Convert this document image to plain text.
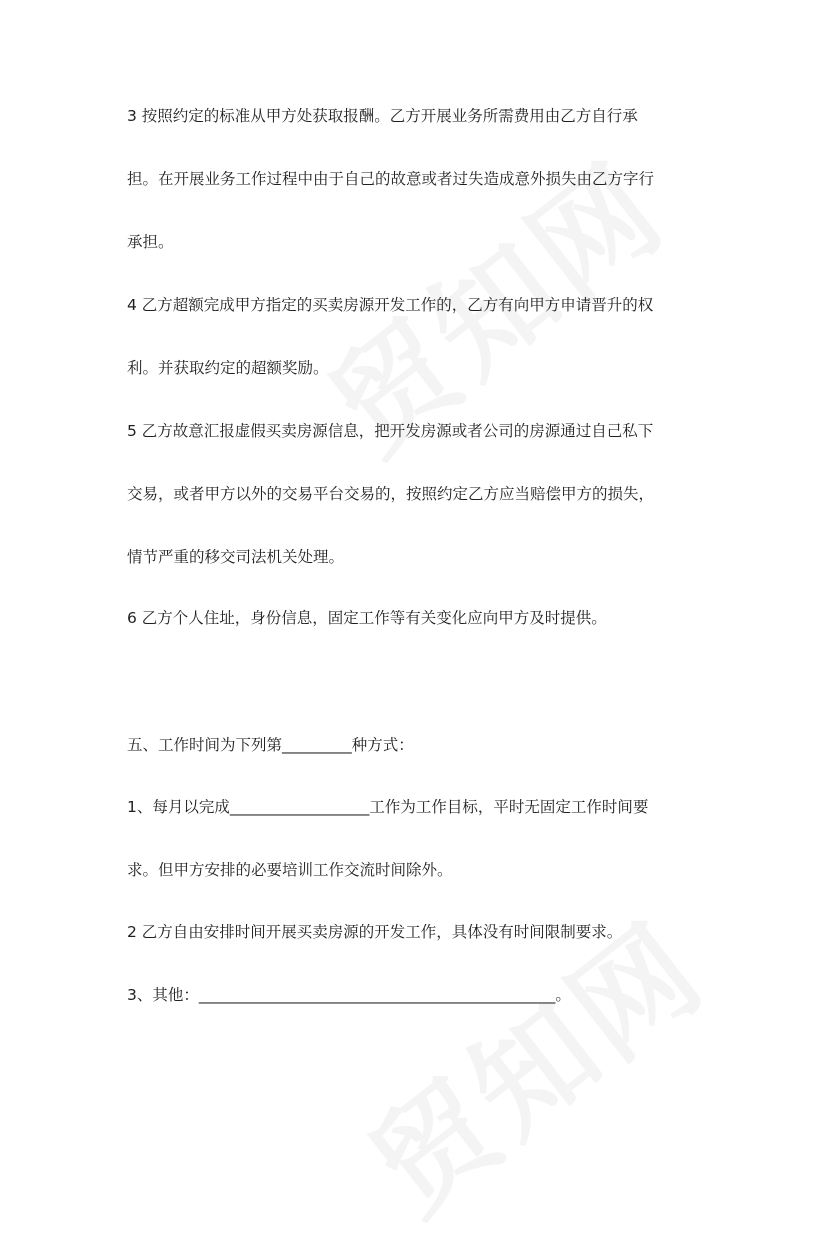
3 按照约定的标准从甲方处获取报酬。乙方开展业务所需费用由乙方自行承
担。在开展业务工作过程中由于自己的故意或者过失造成意外损失由乙方字行
承担。
4 乙方超额完成甲方指定的买卖房源开发工作的，乙方有向甲方申请晋升的权
利。并获取约定的超额奖励。
5 乙方故意汇报虚假买卖房源信息，把开发房源或者公司的房源通过自己私下
交易，或者甲方以外的交易平台交易的，按照约定乙方应当赔偿甲方的损失，
情节严重的移交司法机关处理。
6 乙方个人住址，身份信息，固定工作等有关变化应向甲方及时提供。
五、工作时间为下列第_________种方式：
1、每月以完成__________________工作为工作目标，平时无固定工作时间要
求。但甲方安排的必要培训工作交流时间除外。
2 乙方自由安排时间开展买卖房源的开发工作，具体没有时间限制要求。
3、其他：______________________________________________。
